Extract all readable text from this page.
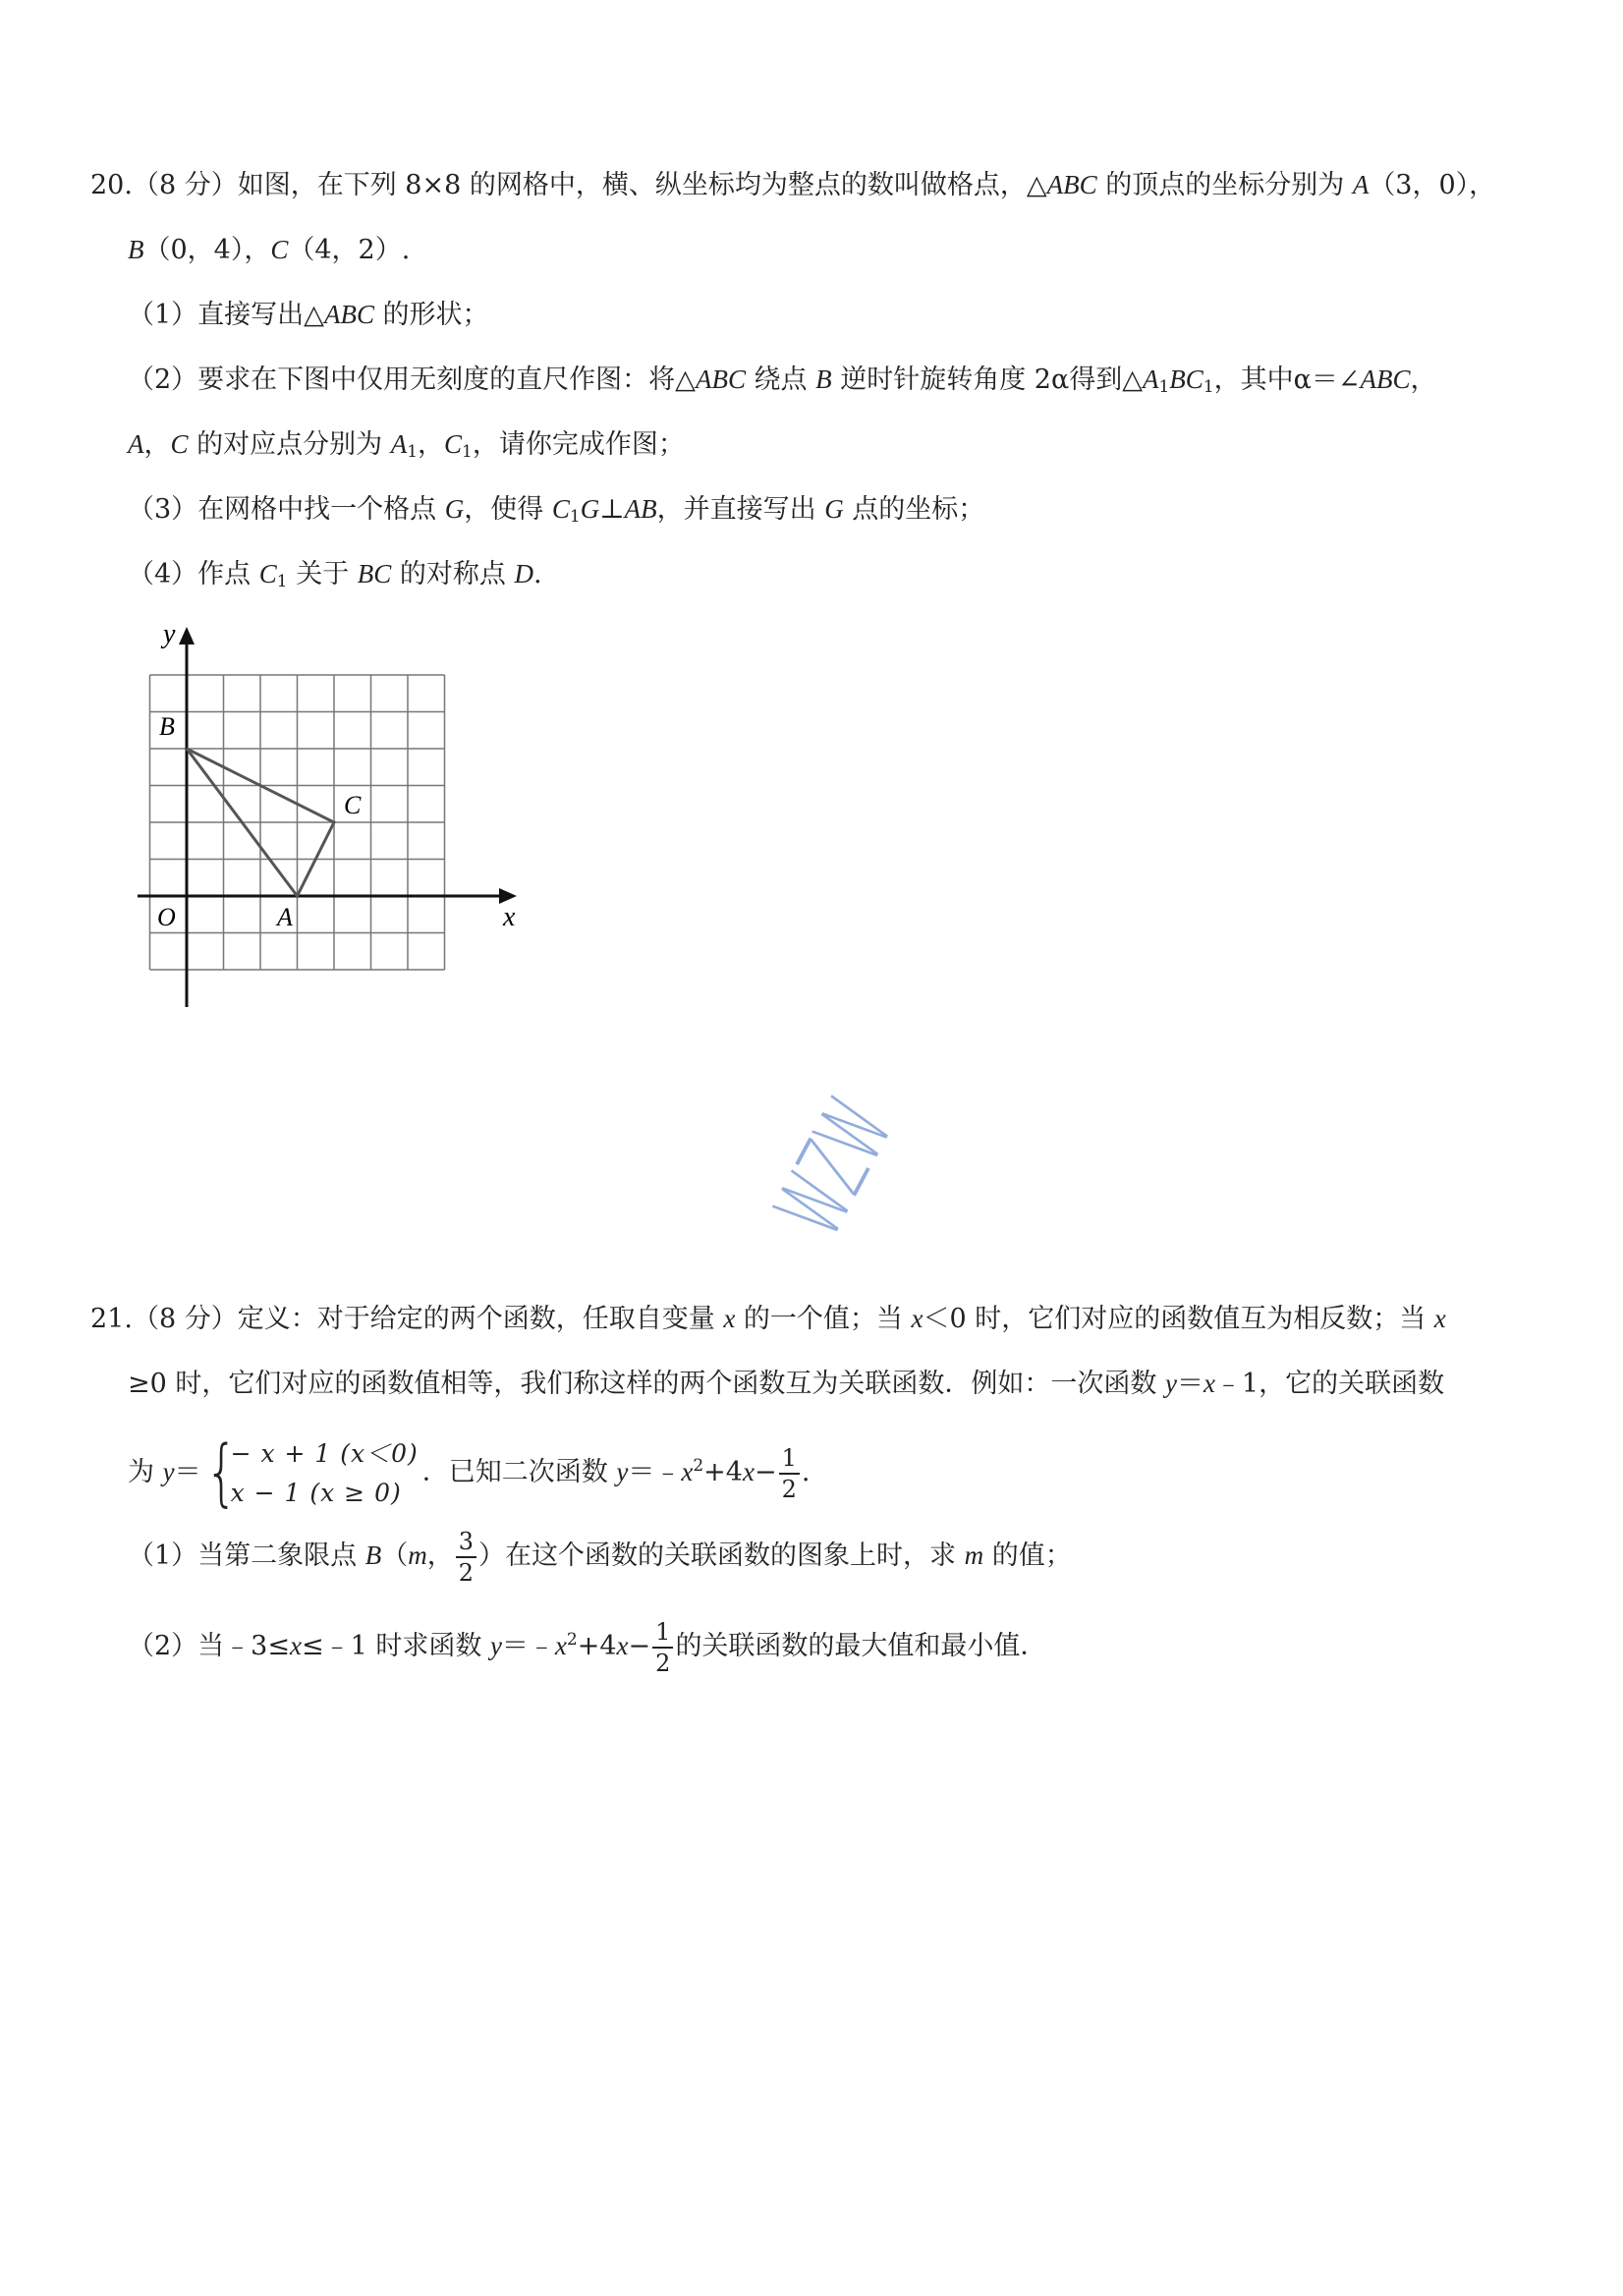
20.（8 分）如图，在下列 8×8 的网格中，横、纵坐标均为整点的数叫做格点，△ABC 的顶点的坐标分别为 A（3，0），
B（0，4），C（4，2）.
（1）直接写出△ABC 的形状；
（2）要求在下图中仅用无刻度的直尺作图：将△ABC 绕点 B 逆时针旋转角度 2α得到$\triangle A_1BC_1$，其中α＝∠ABC，
A，C 的对应点分别为 $A_1$，$C_1$，请你完成作图；
（3）在网格中找一个格点 G，使得 $C_1G\perp AB$，并直接写出 G 点的坐标；
（4）作点 $C_1$ 关于 BC 的对称点 D.
y
x
O	A
B
C
WZW
21.（8 分）定义：对于给定的两个函数，任取自变量 x 的一个值；当 x＜0 时，它们对应的函数值互为相反数；当 x
≥0 时，它们对应的函数值相等，我们称这样的两个函数互为关联函数．例如：一次函数 y＝x﹣1，它的关联函数
为 y＝ {
− x + 1 (x＜0)
x − 1 (x ≥ 0)
．已知二次函数 $y=﹣x^2+4x- \frac{1}{2}$ .
（1）当第二象限点 B（m， $\frac{3}{2}$ ）在这个函数的关联函数的图象上时，求 m 的值；
（2）当﹣3≤x≤﹣1 时求函数 $y=﹣x^2+4x- \frac{1}{2}$ 的关联函数的最大值和最小值．
